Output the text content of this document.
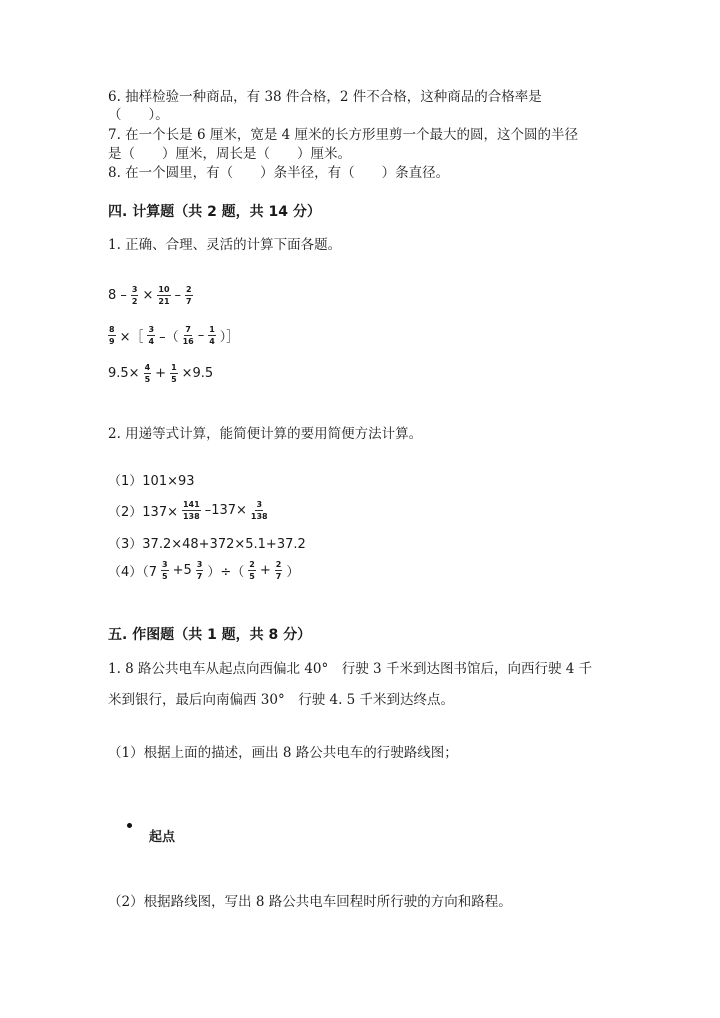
6. 抽样检验一种商品，有 38 件合格，2 件不合格，这种商品的合格率是
（　　）。
7. 在一个长是 6 厘米，宽是 4 厘米的长方形里剪一个最大的圆，这个圆的半径
是（　　）厘米，周长是（　　）厘米。
8. 在一个圆里，有（　　）条半径，有（　　）条直径。
四. 计算题（共 2 题，共 14 分）
1. 正确、合理、灵活的计算下面各题。
$8 - \frac{3}{2} \times \frac{10}{21} - \frac{2}{7}$
$\frac{8}{9}$ ×［ $\frac{3}{4}$ –（ $\frac{7}{16} - \frac{1}{4}$ ）］
$9.5\times \frac{4}{5} + \frac{1}{5} \times 9.5$
2. 用递等式计算，能简便计算的要用简便方法计算。
（1）101×93
$(2)137\times \frac{141}{138} -137\times \frac{3}{138}$
（3）37.2×48+372×5.1+37.2
$(4)(7 \frac{3}{5} +5 \frac{3}{7}$ ）÷（ $\frac{2}{5} + \frac{2}{7}$ ）
五. 作图题（共 1 题，共 8 分）
1. 8 路公共电车从起点向西偏北 40°　行驶 3 千米到达图书馆后，向西行驶 4 千
米到银行，最后向南偏西 30°　行驶 4. 5 千米到达终点。
（1）根据上面的描述，画出 8 路公共电车的行驶路线图；
起点
（2）根据路线图，写出 8 路公共电车回程时所行驶的方向和路程。
